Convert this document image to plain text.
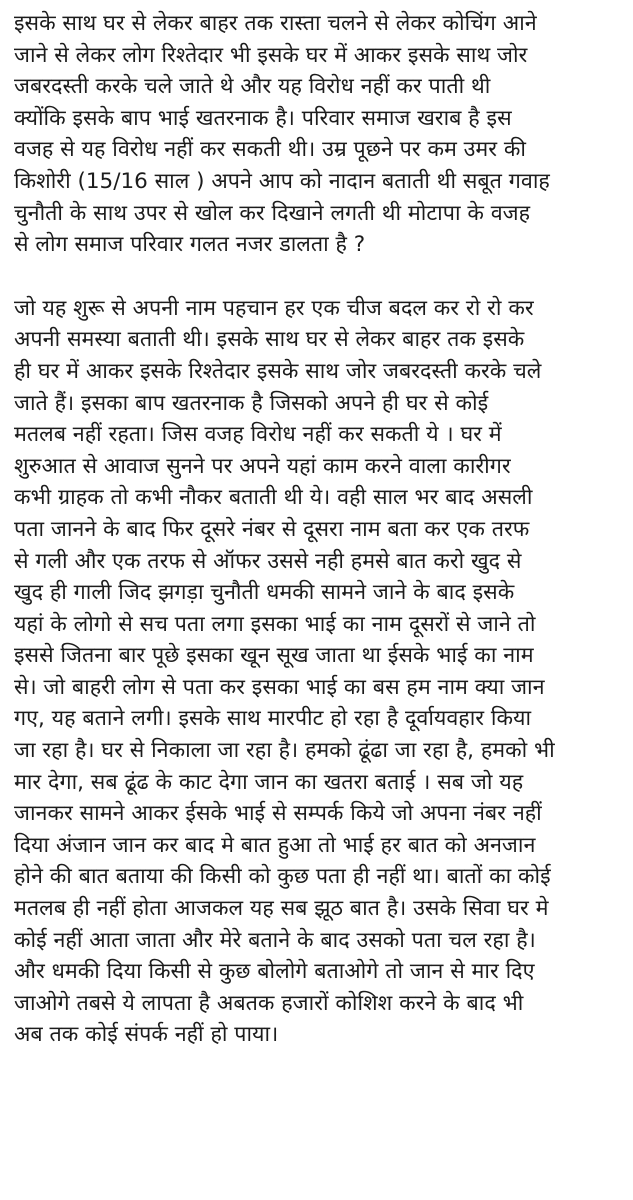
इसके साथ घर से लेकर बाहर तक रास्ता चलने से लेकर कोचिंग आने
जाने से लेकर लोग रिश्तेदार भी इसके घर में आकर इसके साथ जोर
जबरदस्ती करके चले जाते थे और यह विरोध नहीं कर पाती थी
क्योंकि इसके बाप भाई खतरनाक है। परिवार समाज खराब है इस
वजह से यह विरोध नहीं कर सकती थी। उम्र पूछने पर कम उमर की
किशोरी (15/16 साल ) अपने आप को नादान बताती थी सबूत गवाह
चुनौती के साथ उपर से खोल कर दिखाने लगती थी मोटापा के वजह
से लोग समाज परिवार गलत नजर डालता है ?

जो यह शुरू से अपनी नाम पहचान हर एक चीज बदल कर रो रो कर
अपनी समस्या बताती थी। इसके साथ घर से लेकर बाहर तक इसके
ही घर में आकर इसके रिश्तेदार इसके साथ जोर जबरदस्ती करके चले
जाते हैं। इसका बाप खतरनाक है जिसको अपने ही घर से कोई
मतलब नहीं रहता। जिस वजह विरोध नहीं कर सकती ये । घर में
शुरुआत से आवाज सुनने पर अपने यहां काम करने वाला कारीगर
कभी ग्राहक तो कभी नौकर बताती थी ये। वही साल भर बाद असली
पता जानने के बाद फिर दूसरे नंबर से दूसरा नाम बता कर एक तरफ
से गली और एक तरफ से ऑफर उससे नही हमसे बात करो खुद से
खुद ही गाली जिद झगड़ा चुनौती धमकी सामने जाने के बाद इसके
यहां के लोगो से सच पता लगा इसका भाई का नाम दूसरों से जाने तो
इससे जितना बार पूछे इसका खून सूख जाता था ईसके भाई का नाम
से। जो बाहरी लोग से पता कर इसका भाई का बस हम नाम क्या जान
गए, यह बताने लगी। इसके साथ मारपीट हो रहा है दूर्वायवहार किया
जा रहा है। घर से निकाला जा रहा है। हमको ढूंढा जा रहा है, हमको भी
मार देगा, सब ढूंढ के काट देगा जान का खतरा बताई । सब जो यह
जानकर सामने आकर ईसके भाई से सम्पर्क किये जो अपना नंबर नहीं
दिया अंजान जान कर बाद मे बात हुआ तो भाई हर बात को अनजान
होने की बात बताया की किसी को कुछ पता ही नहीं था। बातों का कोई
मतलब ही नहीं होता आजकल यह सब झूठ बात है। उसके सिवा घर मे
कोई नहीं आता जाता और मेरे बताने के बाद उसको पता चल रहा है।
और धमकी दिया किसी से कुछ बोलोगे बताओगे तो जान से मार दिए
जाओगे तबसे ये लापता है अबतक हजारों कोशिश करने के बाद भी
अब तक कोई संपर्क नहीं हो पाया।
